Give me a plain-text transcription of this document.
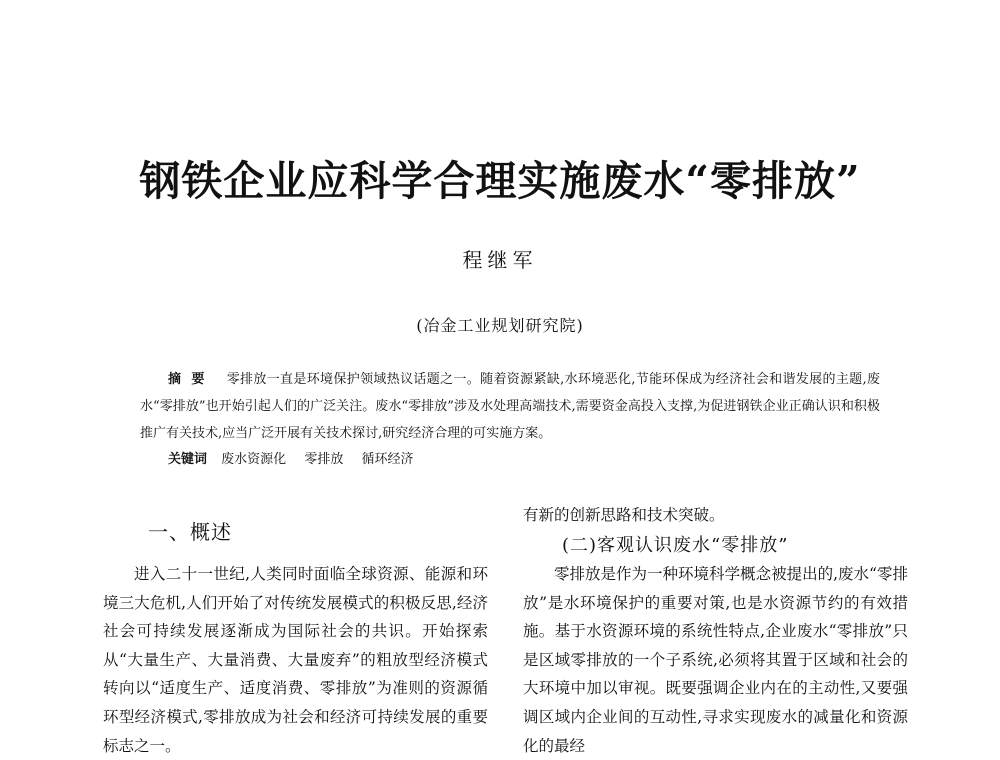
钢铁企业应科学合理实施废水“零排放”
程继军
(冶金工业规划研究院)
摘要 零排放一直是环境保护领域热议话题之一。随着资源紧缺,水环境恶化,节能环保成为经济社会和谐发展的主题,废水“零排放”也开始引起人们的广泛关注。废水“零排放”涉及水处理高端技术,需要资金高投入支撑,为促进钢铁企业正确认识和积极推广有关技术,应当广泛开展有关技术探讨,研究经济合理的可实施方案。
关键词 废水资源化 零排放 循环经济
一、概述

进入二十一世纪,人类同时面临全球资源、能源和环境三大危机,人们开始了对传统发展模式的积极反思,经济社会可持续发展逐渐成为国际社会的共识。开始探索从“大量生产、大量消费、大量废弃”的粗放型经济模式转向以“适度生产、适度消费、零排放”为准则的资源循环型经济模式,零排放成为社会和经济可持续发展的重要标志之一。

有新的创新思路和技术突破。
(二)客观认识废水“零排放”

零排放是作为一种环境科学概念被提出的,废水“零排放”是水环境保护的重要对策,也是水资源节约的有效措施。基于水资源环境的系统性特点,企业废水“零排放”只是区域零排放的一个子系统,必须将其置于区域和社会的大环境中加以审视。既要强调企业内在的主动性,又要强调区域内企业间的互动性,寻求实现废水的减量化和资源化的最经
